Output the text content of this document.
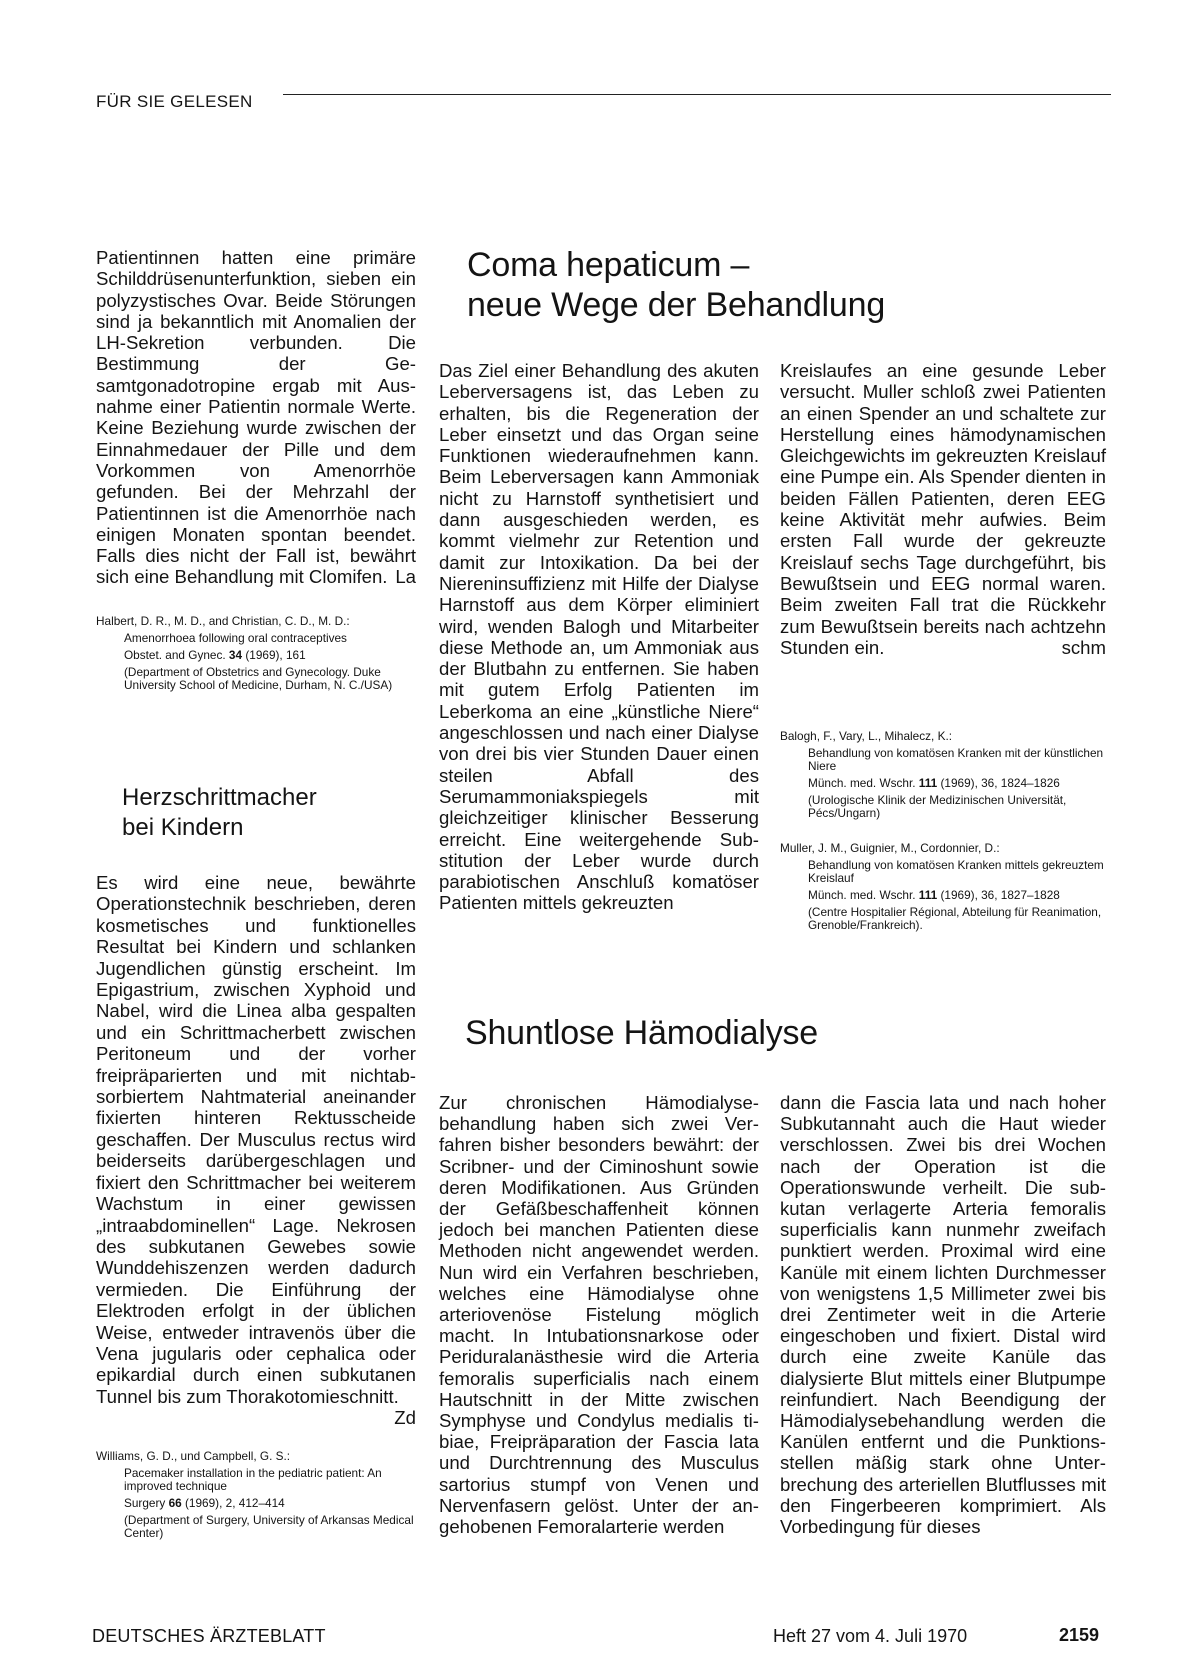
FÜR SIE GELESEN

Patientinnen hatten eine primäre Schilddrüsenunterfunktion, sieben ein polyzystisches Ovar. Beide Störungen sind ja bekanntlich mit Anomalien der LH-Sekretion verbunden. Die Bestimmung der Gesamtgonadotropine ergab mit Ausnahme einer Patientin normale Werte. Keine Beziehung wurde zwischen der Einnahmedauer der Pille und dem Vorkommen von Amenorrhöe gefunden. Bei der Mehrzahl der Patientinnen ist die Amenorrhöe nach einigen Monaten spontan beendet. Falls dies nicht der Fall ist, bewährt sich eine Behandlung mit Clomifen. La

Halbert, D. R., M. D., and Christian, C. D., M. D.:

Amenorrhoea following oral contraceptives

Obstet. and Gynec. 34 (1969), 161

(Department of Obstetrics and Gynecology. Duke University School of Medicine, Durham, N. C./USA)

Herzschrittmacher

bei Kindern

Es wird eine neue, bewährte Operationstechnik beschrieben, deren kosmetisches und funktionelles Resultat bei Kindern und schlanken Jugendlichen günstig erscheint. Im Epigastrium, zwischen Xyphoid und Nabel, wird die Linea alba gespalten und ein Schrittmacherbett zwischen Peritoneum und der vorher freipräparierten und mit nichtabsorbiertem Nahtmaterial aneinander fixierten hinteren Rektusscheide geschaffen. Der Musculus rectus wird beiderseits darübergeschlagen und fixiert den Schrittmacher bei weiterem Wachstum in einer gewissen „intraabdominellen“ Lage. Nekrosen des subkutanen Gewebes sowie Wunddehiszenzen werden dadurch vermieden. Die Einführung der Elektroden erfolgt in der üblichen Weise, entweder intravenös über die Vena jugularis oder cephalica oder epikardial durch einen subkutanen Tunnel bis zum Thorakotomieschnitt.
Zd

Williams, G. D., und Campbell, G. S.:

Pacemaker installation in the pediatric patient: An improved technique

Surgery 66 (1969), 2, 412–414

(Department of Surgery, University of Arkansas Medical Center)

Coma hepaticum –

neue Wege der Behandlung

Das Ziel einer Behandlung des akuten Leberversagens ist, das Leben zu erhalten, bis die Regeneration der Leber einsetzt und das Organ seine Funktionen wiederaufnehmen kann. Beim Leberversagen kann Ammoniak nicht zu Harnstoff synthetisiert und dann ausgeschieden werden, es kommt vielmehr zur Retention und damit zur Intoxikation. Da bei der Niereninsuffizienz mit Hilfe der Dialyse Harnstoff aus dem Körper eliminiert wird, wenden Balogh und Mitarbeiter diese Methode an, um Ammoniak aus der Blutbahn zu entfernen. Sie haben mit gutem Erfolg Patienten im Leberkoma an eine „künstliche Niere“ angeschlossen und nach einer Dialyse von drei bis vier Stunden Dauer einen steilen Abfall des Serumammoniakspiegels mit gleichzeitiger klinischer Besserung erreicht. Eine weitergehende Substitution der Leber wurde durch parabiotischen Anschluß komatöser Patienten mittels gekreuzten

Kreislaufes an eine gesunde Leber versucht. Muller schloß zwei Patienten an einen Spender an und schaltete zur Herstellung eines hämodynamischen Gleichgewichts im gekreuzten Kreislauf eine Pumpe ein. Als Spender dienten in beiden Fällen Patienten, deren EEG keine Aktivität mehr aufwies. Beim ersten Fall wurde der gekreuzte Kreislauf sechs Tage durchgeführt, bis Bewußtsein und EEG normal waren. Beim zweiten Fall trat die Rückkehr zum Bewußtsein bereits nach achtzehn Stunden ein.	schm

Balogh, F., Vary, L., Mihalecz, K.:

Behandlung von komatösen Kranken mit der künstlichen Niere

Münch. med. Wschr. 111 (1969), 36, 1824–1826

(Urologische Klinik der Medizinischen Universität, Pécs/Ungarn)

Muller, J. M., Guignier, M., Cordonnier, D.:

Behandlung von komatösen Kranken mittels gekreuztem Kreislauf

Münch. med. Wschr. 111 (1969), 36, 1827–1828

(Centre Hospitalier Régional, Abteilung für Reanimation, Grenoble/Frankreich).

Shuntlose Hämodialyse

Zur chronischen Hämodialysebehandlung haben sich zwei Verfahren bisher besonders bewährt: der Scribner- und der Ciminoshunt sowie deren Modifikationen. Aus Gründen der Gefäßbeschaffenheit können jedoch bei manchen Patienten diese Methoden nicht angewendet werden. Nun wird ein Verfahren beschrieben, welches eine Hämodialyse ohne arteriovenöse Fistelung möglich macht. In Intubationsnarkose oder Periduralanästhesie wird die Arteria femoralis superficialis nach einem Hautschnitt in der Mitte zwischen Symphyse und Condylus medialis tibiae, Freipräparation der Fascia lata und Durchtrennung des Musculus sartorius stumpf von Venen und Nervenfasern gelöst. Unter der angehobenen Femoralarterie werden

dann die Fascia lata und nach hoher Subkutannaht auch die Haut wieder verschlossen. Zwei bis drei Wochen nach der Operation ist die Operationswunde verheilt. Die subkutan verlagerte Arteria femoralis superficialis kann nunmehr zweifach punktiert werden. Proximal wird eine Kanüle mit einem lichten Durchmesser von wenigstens 1,5 Millimeter zwei bis drei Zentimeter weit in die Arterie eingeschoben und fixiert. Distal wird durch eine zweite Kanüle das dialysierte Blut mittels einer Blutpumpe reinfundiert. Nach Beendigung der Hämodialysebehandlung werden die Kanülen entfernt und die Punktionsstellen mäßig stark ohne Unterbrechung des arteriellen Blutflusses mit den Fingerbeeren komprimiert. Als Vorbedingung für dieses

DEUTSCHES ÄRZTEBLATT	Heft 27 vom 4. Juli 1970	2159
